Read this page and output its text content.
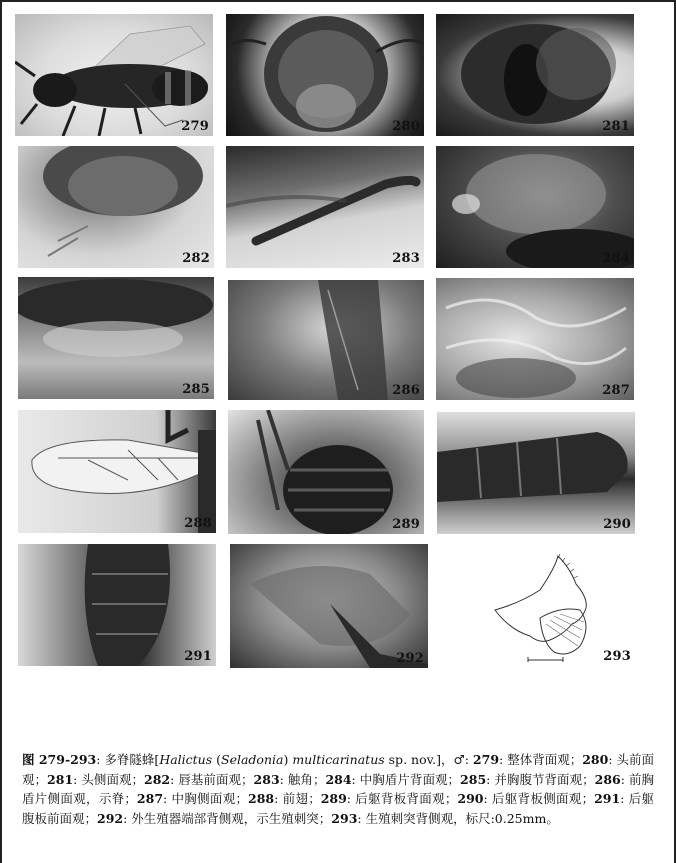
279	280	281
282	283	284
285	286	287
288	289	290
291	292	293
图 279-293: 多脊隧蜂[Halictus (Seladonia) multicarinatus sp. nov.]，♂: 279: 整体背面观；280: 头前面观；281: 头侧面观；282: 唇基前面观；283: 触角；284: 中胸盾片背面观；285: 并胸腹节背面观；286: 前胸盾片侧面观，示脊；287: 中胸侧面观；288: 前翅；289: 后躯背板背面观；290: 后躯背板侧面观；291: 后躯腹板前面观；292: 外生殖器端部背侧观，示生殖刺突；293: 生殖刺突背侧观，标尺:0.25mm。
